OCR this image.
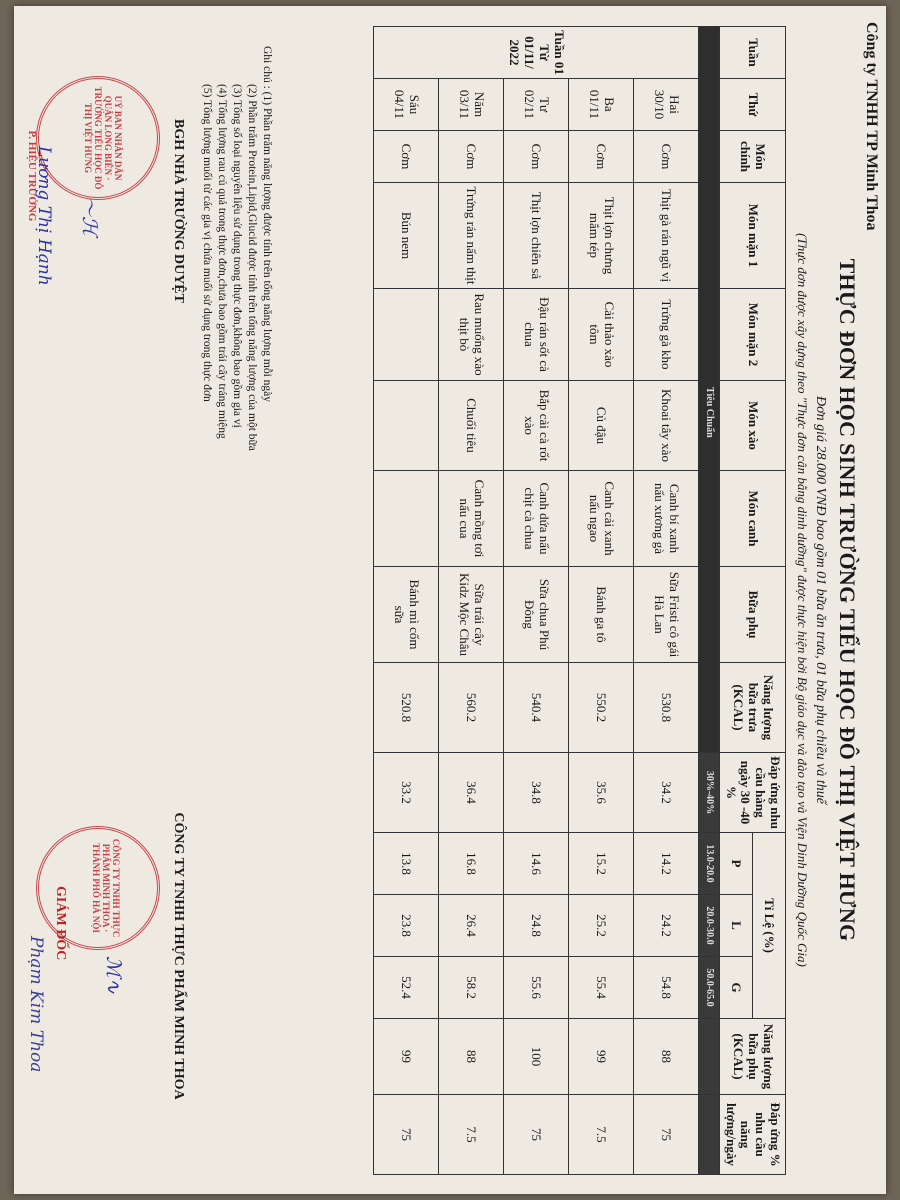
Công ty TNHH TP Minh Thoa
THỰC ĐƠN HỌC SINH TRƯỜNG TIỂU HỌC ĐÔ THỊ VIỆT HƯNG
Đơn giá 28.000 VNĐ bao gồm 01 bữa ăn trưa, 01 bữa phụ chiều và thuế
(Thực đơn được xây dựng theo "Thực đơn cân bằng dinh dưỡng" được thực hiện bởi Bộ giáo dục và đào tạo và Viện Dinh Dưỡng Quốc Gia)
Tuần	Thứ	Món chính	Món mặn 1	Món mặn 2	Món xào	Món canh	Bữa phụ	Năng lượng bữa trưa (KCAL)	Đáp ứng nhu cầu hàng ngày 30 -40 %	Tỉ Lệ (%)			Năng lượng bữa phụ (KCAL)	Đáp ứng % nhu cầu năng lượng/ngày
										P	L	G		
Tiêu Chuẩn									30%-40%	13.0-20.0	20.0-30.0	50.0-65.0		
Tuần 01 Từ 01/11/ 2022	Hai 30/10	Cơm	Thịt gà rán ngũ vị	Trứng gà kho	Khoai tây xào	Canh bí xanh nấu xương gà	Sữa Fristi cô gái Hà Lan	530.8	34.2	14.2	24.2	54.8	88	75
	Ba 01/11	Cơm	Thịt lợn chưng mắm tép	Cải thảo xào tôm	Củ đậu	Canh cải xanh nấu ngao	Bánh ga tô	550.2	35.6	15.2	25.2	55.4	99	7.5
	Tư 02/11	Cơm	Thịt lợn chiên sả	Đậu rán sốt cà chua	Bắp cải cà rốt xào	Canh dứa nấu chịt cà chua	Sữa chua Phú Đông	540.4	34.8	14.6	24.8	55.6	100	75
	Năm 03/11	Cơm	Trứng rán nấm thịt	Rau muống xào thịt bò	Chuối tiêu	Canh mồng tơi nấu cua	Sữa trái cây Kidz Mộc Châu	560.2	36.4	16.8	26.4	58.2	88	7.5
	Sáu 04/11	Cơm	Bún nem				Bánh mì cốm sữa	520.8	33.2	13.8	23.8	52.4	99	75

Ghi chú : (1) Phần trăm năng lượng được tính trên tổng năng lượng mỗi ngày

(2) Phần trăm Protein,Lipid,Glucid được tính trên tổng năng lượng của một bữa

(3) Tổng số loại nguyên liệu sử dụng trong thực đơn,không bao gồm gia vị

(4) Tổng lượng rau củ quả trong thực đơn,chưa bao gồm trái cây tráng miệng

(5) Tổng lượng muối từ các gia vị chứa muối sử dụng trong thực đơn

BGH NHÀ TRƯỜNG DUYỆT
UỶ BAN NHÂN DÂN QUẬN LONG BIÊN · TRƯỜNG TIỂU HỌC ĐÔ THỊ VIỆT HƯNG
P. HIỆU TRƯỞNG 〜ℋ
Lương Thị Hạnh
CÔNG TY TNHH THỰC PHẨM MINH THOA
CÔNG TY TNHH THỰC PHẨM MINH THOA · THÀNH PHỐ HÀ NỘI
GIÁM ĐỐC
ℳ∿
Phạm Kim Thoa
